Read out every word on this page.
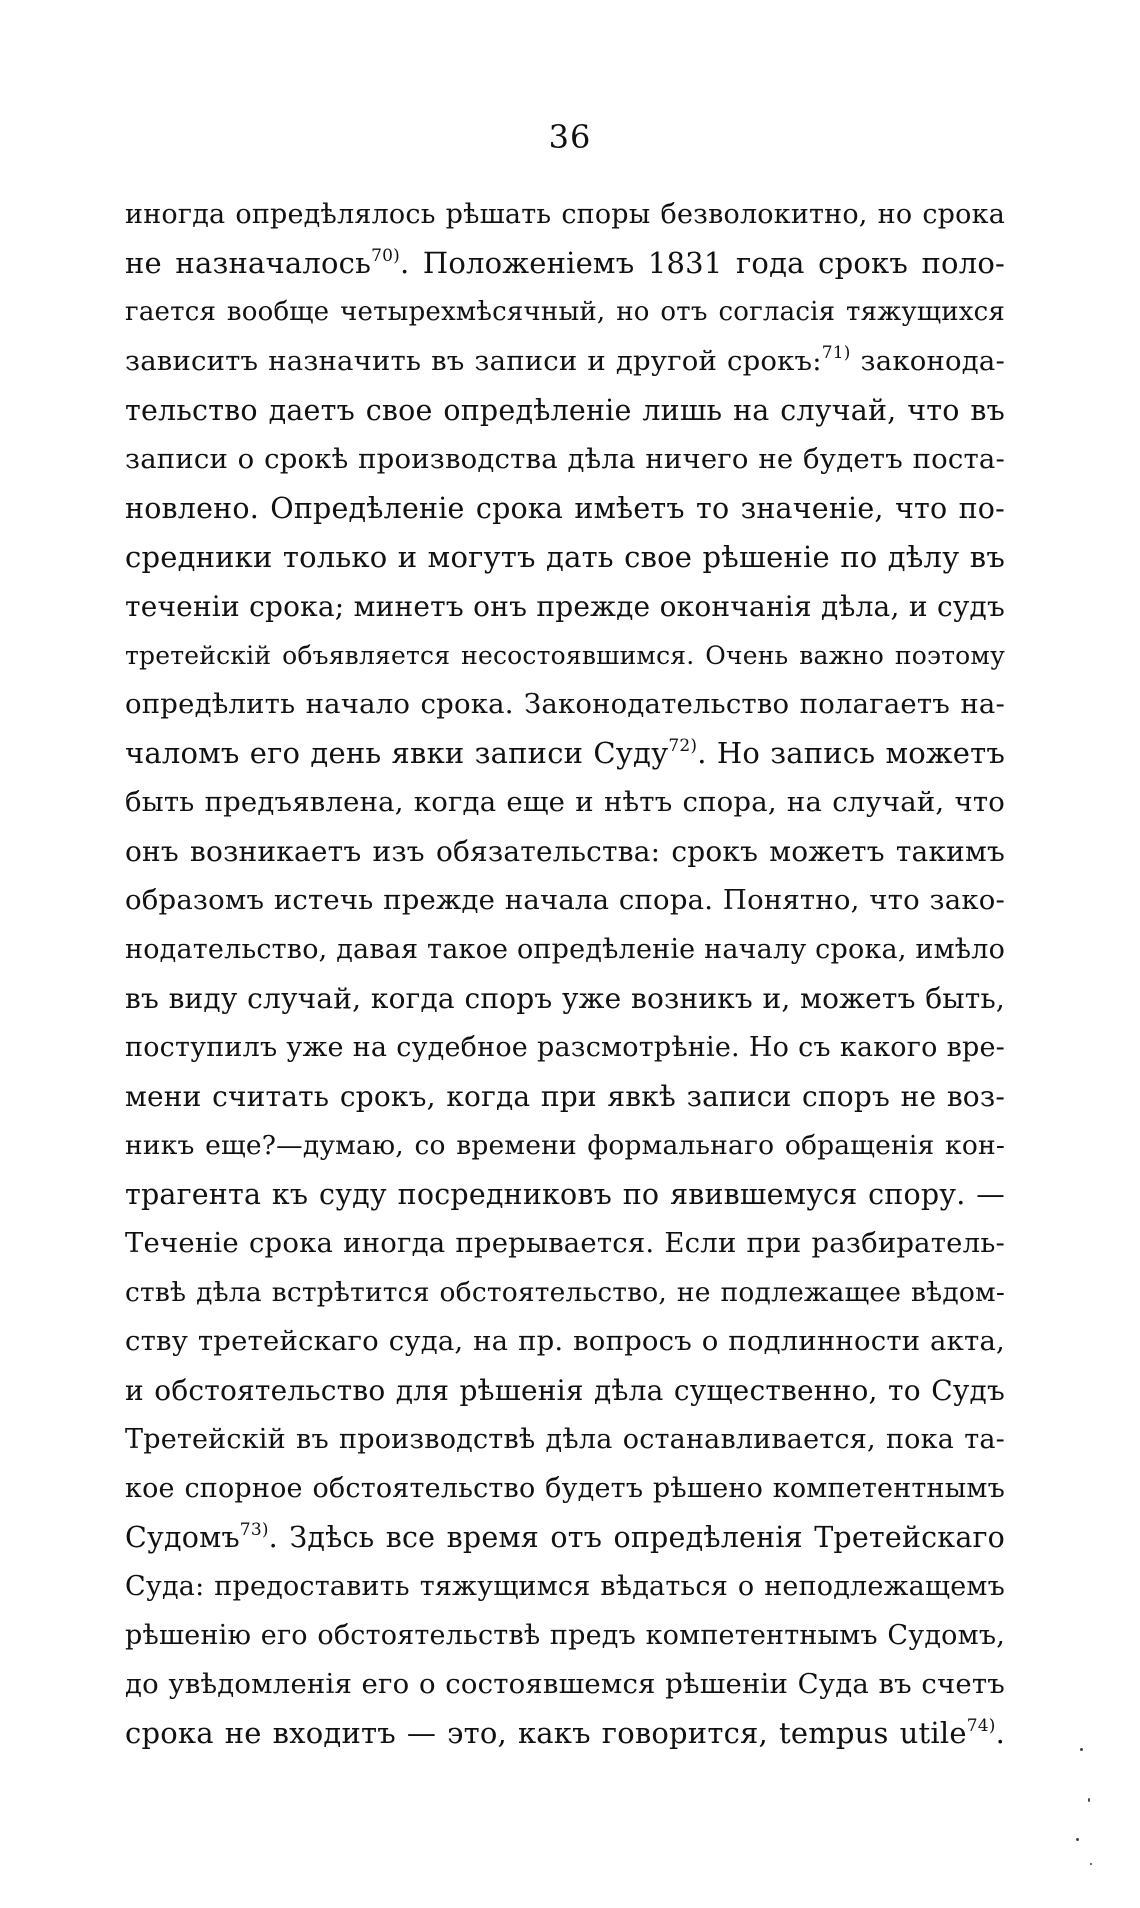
36
иногда опредѣлялось рѣшать споры безволокитно, но срока
не назначалось$^{70)}$. Положеніемъ 1831 года срокъ поло-
гается вообще четырехмѣсячный, но отъ согласія тяжущихся
зависитъ назначить въ записи и другой срокъ:$^{71)}$ законода-
тельство даетъ свое опредѣленіе лишь на случай, что въ
записи о срокѣ производства дѣла ничего не будетъ поста-
новлено. Опредѣленіе срока имѣетъ то значеніе, что по-
средники только и могутъ дать свое рѣшеніе по дѣлу въ
теченіи срока; минетъ онъ прежде окончанія дѣла, и судъ
третейскій объявляется несостоявшимся. Очень важно поэтому
опредѣлить начало срока. Законодательство полагаетъ на-
чаломъ его день явки записи Суду$^{72)}$. Но запись можетъ
быть предъявлена, когда еще и нѣтъ спора, на случай, что
онъ возникаетъ изъ обязательства: срокъ можетъ такимъ
образомъ истечь прежде начала спора. Понятно, что зако-
нодательство, давая такое опредѣленіе началу срока, имѣло
въ виду случай, когда споръ уже возникъ и, можетъ быть,
поступилъ уже на судебное разсмотрѣніе. Но съ какого вре-
мени считать срокъ, когда при явкѣ записи споръ не воз-
никъ еще?—думаю, со времени формальнаго обращенія кон-
трагента къ суду посредниковъ по явившемуся спору. —
Теченіе срока иногда прерывается. Если при разбиратель-
ствѣ дѣла встрѣтится обстоятельство, не подлежащее вѣдом-
ству третейскаго суда, на пр. вопросъ о подлинности акта,
и обстоятельство для рѣшенія дѣла существенно, то Судъ
Третейскій въ производствѣ дѣла останавливается, пока та-
кое спорное обстоятельство будетъ рѣшено компетентнымъ
Судомъ$^{73)}$. Здѣсь все время отъ опредѣленія Третейскаго
Суда: предоставить тяжущимся вѣдаться о неподлежащемъ
рѣшенію его обстоятельствѣ предъ компетентнымъ Судомъ,
до увѣдомленія его о состоявшемся рѣшеніи Суда въ счетъ
срока не входитъ — это, какъ говорится, tempus utile$^{74)}$.
